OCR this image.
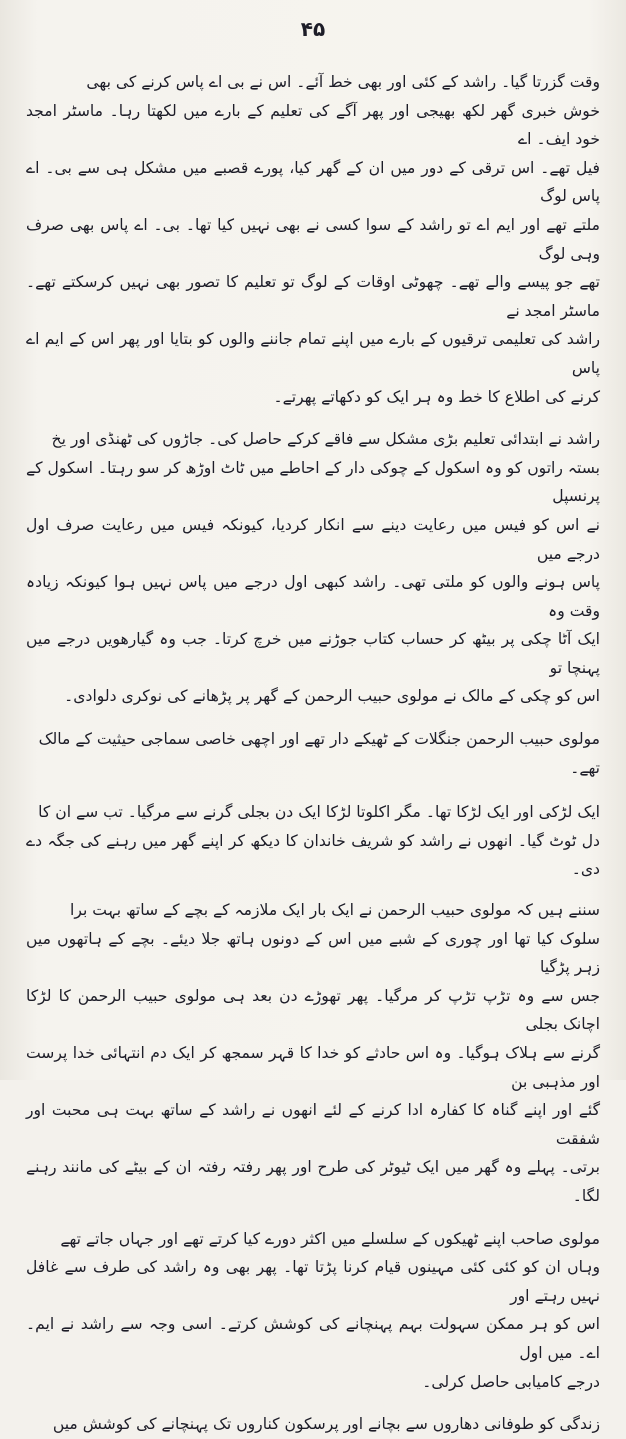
۴۵

وقت گزرتا گیا۔ راشد کے کئی اور بھی خط آئے۔ اس نے بی اے پاس کرنے کی بھی
خوش خبری گھر لکھ بھیجی اور پھر آگے کی تعلیم کے بارے میں لکھتا رہا۔ ماسٹر امجد خود ایف۔ اے
فیل تھے۔ اس ترقی کے دور میں ان کے گھر کیا، پورے قصبے میں مشکل ہی سے بی۔ اے پاس لوگ
ملتے تھے اور ایم اے تو راشد کے سوا کسی نے بھی نہیں کیا تھا۔ بی۔ اے پاس بھی صرف وہی لوگ
تھے جو پیسے والے تھے۔ چھوٹی اوقات کے لوگ تو تعلیم کا تصور بھی نہیں کرسکتے تھے۔ ماسٹر امجد نے
راشد کی تعلیمی ترقیوں کے بارے میں اپنے تمام جاننے والوں کو بتایا اور پھر اس کے ایم اے پاس
کرنے کی اطلاع کا خط وہ ہر ایک کو دکھاتے پھرتے۔

راشد نے ابتدائی تعلیم بڑی مشکل سے فاقے کرکے حاصل کی۔ جاڑوں کی ٹھنڈی اور یخ
بستہ راتوں کو وہ اسکول کے چوکی دار کے احاطے میں ٹاٹ اوڑھ کر سو رہتا۔ اسکول کے پرنسپل
نے اس کو فیس میں رعایت دینے سے انکار کردیا، کیونکہ فیس میں رعایت صرف اول درجے میں
پاس ہونے والوں کو ملتی تھی۔ راشد کبھی اول درجے میں پاس نہیں ہوا کیونکہ زیادہ وقت وہ
ایک آٹا چکی پر بیٹھ کر حساب کتاب جوڑنے میں خرچ کرتا۔ جب وہ گیارھویں درجے میں پہنچا تو
اس کو چکی کے مالک نے مولوی حبیب الرحمن کے گھر پر پڑھانے کی نوکری دلوادی۔

مولوی حبیب الرحمن جنگلات کے ٹھیکے دار تھے اور اچھی خاصی سماجی حیثیت کے مالک
تھے۔

ایک لڑکی اور ایک لڑکا تھا۔ مگر اکلوتا لڑکا ایک دن بجلی گرنے سے مرگیا۔ تب سے ان کا
دل ٹوٹ گیا۔ انھوں نے راشد کو شریف خاندان کا دیکھ کر اپنے گھر میں رہنے کی جگہ دے دی۔

سننے ہیں کہ مولوی حبیب الرحمن نے ایک بار ایک ملازمہ کے بچے کے ساتھ بہت برا
سلوک کیا تھا اور چوری کے شبے میں اس کے دونوں ہاتھ جلا دیئے۔ بچے کے ہاتھوں میں زہر پڑگیا
جس سے وہ تڑپ تڑپ کر مرگیا۔ پھر تھوڑے دن بعد ہی مولوی حبیب الرحمن کا لڑکا اچانک بجلی
گرنے سے ہلاک ہوگیا۔ وہ اس حادثے کو خدا کا قہر سمجھ کر ایک دم انتہائی خدا پرست اور مذہبی بن
گئے اور اپنے گناہ کا کفارہ ادا کرنے کے لئے انھوں نے راشد کے ساتھ بہت ہی محبت اور شفقت
برتی۔ پہلے وہ گھر میں ایک ٹیوٹر کی طرح اور پھر رفتہ رفتہ ان کے بیٹے کی مانند رہنے لگا۔

مولوی صاحب اپنے ٹھیکوں کے سلسلے میں اکثر دورے کیا کرتے تھے اور جہاں جاتے تھے
وہاں ان کو کئی کئی مہینوں قیام کرنا پڑتا تھا۔ پھر بھی وہ راشد کی طرف سے غافل نہیں رہتے اور
اس کو ہر ممکن سہولت بہم پہنچانے کی کوشش کرتے۔ اسی وجہ سے راشد نے ایم۔ اے۔ میں اول
درجے کامیابی حاصل کرلی۔

زندگی کو طوفانی دھاروں سے بچانے اور پرسکون کناروں تک پہنچانے کی کوشش میں
